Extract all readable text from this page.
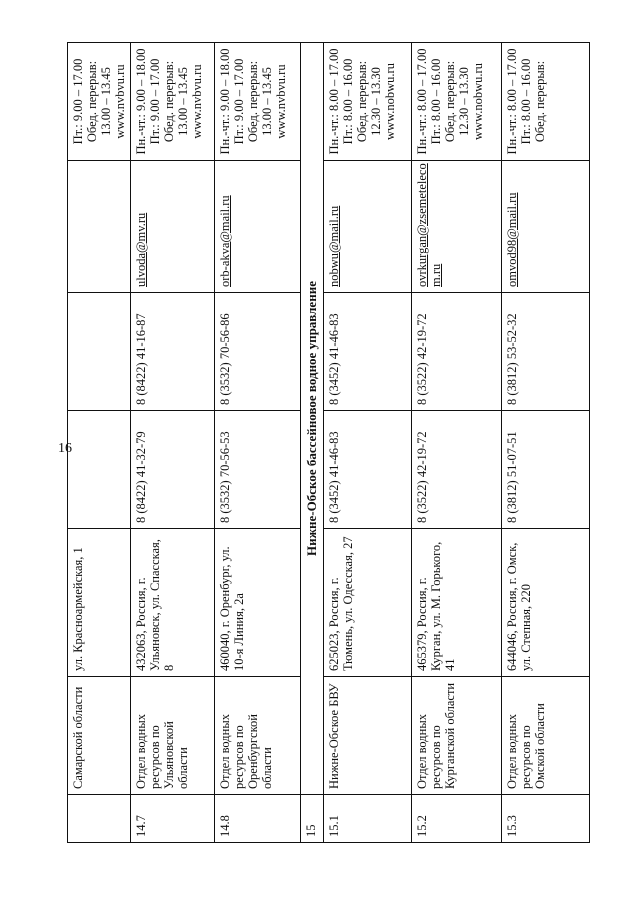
16
	Самарской области	ул. Красноармейская, 1				Пт.: 9.00 – 17.00 Обед. перерыв: 13.00 – 13.45 www.nvbvu.ru
14.7	Отдел водных ресурсов по Ульяновской области	432063, Россия, г. Ульяновск, ул. Спасская, 8	8 (8422) 41-32-79	8 (8422) 41-16-87	ulvoda@mv.ru	Пн.-чт.: 9.00 – 18.00 Пт.: 9.00 – 17.00 Обед. перерыв: 13.00 – 13.45 www.nvbvu.ru
14.8	Отдел водных ресурсов по Оренбургской области	460040, г. Оренбург, ул. 10-я Линия, 2а	8 (3532) 70-56-53	8 (3532) 70-56-86	orb-akva@mail.ru	Пн.-чт.: 9.00 – 18.00 Пт.: 9.00 – 17.00 Обед. перерыв: 13.00 – 13.45 www.nvbvu.ru
15	Нижне-Обское бассейновое водное управление					
15.1	Нижне-Обское БВУ	625023, Россия, г. Тюмень, ул. Одесская, 27	8 (3452) 41-46-83	8 (3452) 41-46-83	nobwu@mail.ru	Пн.-чт.: 8.00 – 17.00 Пт.: 8.00 – 16.00 Обед. перерыв: 12.30 – 13.30 www.nobwu.ru
15.2	Отдел водных ресурсов по Курганской области	465379, Россия, г. Курган, ул. М. Горького, 41	8 (3522) 42-19-72	8 (3522) 42-19-72	ovrkurgan@zsemeteleco m.ru	Пн.-чт.: 8.00 – 17.00 Пт.: 8.00 – 16.00 Обед. перерыв: 12.30 – 13.30 www.nobwu.ru
15.3	Отдел водных ресурсов по Омской области	644046, Россия, г. Омск, ул. Степная, 220	8 (3812) 51-07-51	8 (3812) 53-52-32	omvod98@mail.ru	Пн.-чт.: 8.00 – 17.00 Пт.: 8.00 – 16.00 Обед. перерыв:
